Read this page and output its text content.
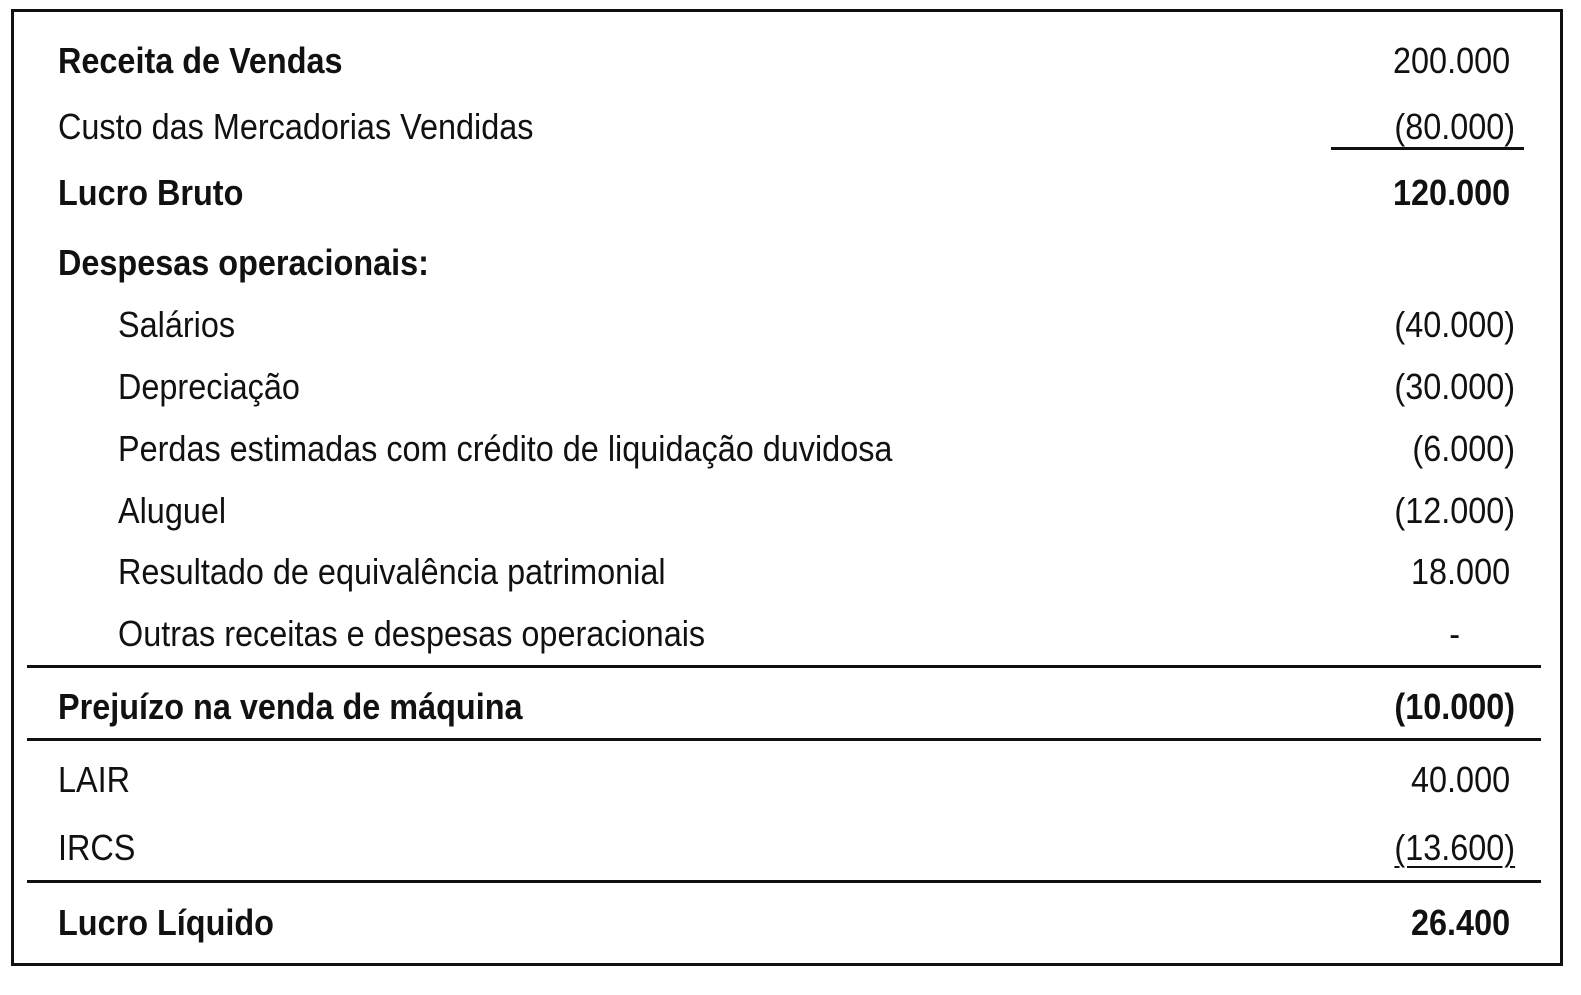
Receita de Vendas	200.000
Custo das Mercadorias Vendidas	(80.000)
Lucro Bruto	120.000
Despesas operacionais:
Salários	(40.000)
Depreciação	(30.000)
Perdas estimadas com crédito de liquidação duvidosa	(6.000)
Aluguel	(12.000)
Resultado de equivalência patrimonial	18.000
Outras receitas e despesas operacionais	-
Prejuízo na venda de máquina	(10.000)
LAIR	40.000
IRCS	(13.600)
Lucro Líquido	26.400
